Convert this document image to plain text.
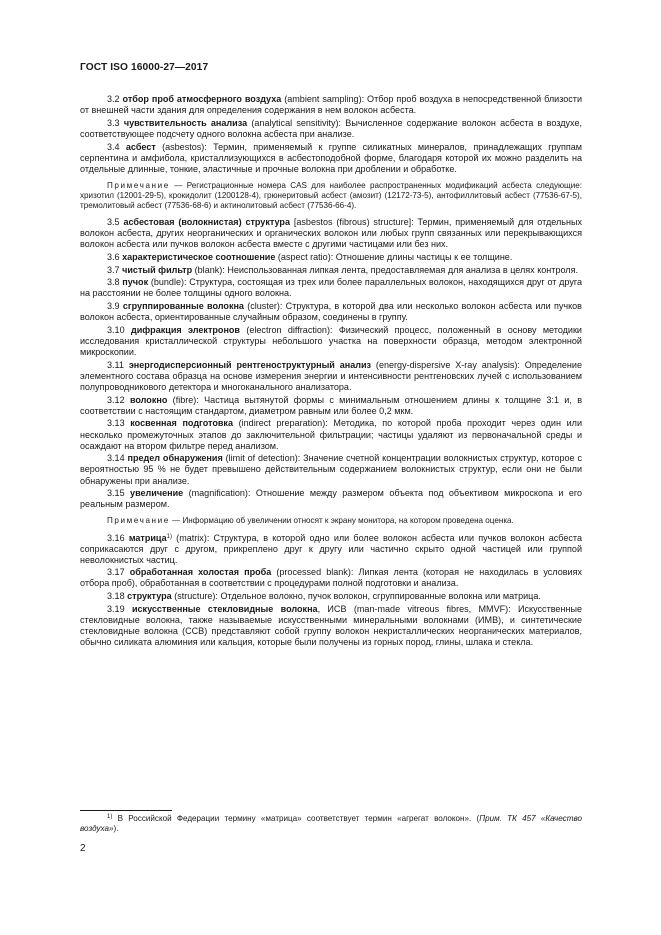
ГОСТ ISO 16000-27—2017

3.2 отбор проб атмосферного воздуха (ambient sampling): Отбор проб воздуха в непосредственной близости от внешней части здания для определения содержания в нем волокон асбеста.

3.3 чувствительность анализа (analytical sensitivity): Вычисленное содержание волокон асбеста в воздухе, соответствующее подсчету одного волокна асбеста при анализе.

3.4 асбест (asbestos): Термин, применяемый к группе силикатных минералов, принадлежащих группам серпентина и амфибола, кристаллизующихся в асбестоподобной форме, благодаря которой их можно разделить на отдельные длинные, тонкие, эластичные и прочные волокна при дроблении и обработке.

Примечание — Регистрационные номера CAS для наиболее распространенных модификаций асбеста следующие: хризотил (12001-29-5), крокидолит (1200128-4), грюнеритовый асбест (амозит) (12172-73-5), антофиллитовый асбест (77536-67-5), тремолитовый асбест (77536-68-6) и актинолитовый асбест (77536-66-4).

3.5 асбестовая (волокнистая) структура [asbestos (fibrous) structure]: Термин, применяемый для отдельных волокон асбеста, других неорганических и органических волокон или любых групп связанных или перекрывающихся волокон асбеста или пучков волокон асбеста вместе с другими частицами или без них.

3.6 характеристическое соотношение (aspect ratio): Отношение длины частицы к ее толщине.

3.7 чистый фильтр (blank): Неиспользованная липкая лента, предоставляемая для анализа в целях контроля.

3.8 пучок (bundle): Структура, состоящая из трех или более параллельных волокон, находящихся друг от друга на расстоянии не более толщины одного волокна.

3.9 сгруппированные волокна (cluster): Структура, в которой два или несколько волокон асбеста или пучков волокон асбеста, ориентированные случайным образом, соединены в группу.

3.10 дифракция электронов (electron diffraction): Физический процесс, положенный в основу методики исследования кристаллической структуры небольшого участка на поверхности образца, методом электронной микроскопии.

3.11 энергодисперсионный рентгеноструктурный анализ (energy-dispersive X-ray analysis): Определение элементного состава образца на основе измерения энергии и интенсивности рентгеновских лучей с использованием полупроводникового детектора и многоканального анализатора.

3.12 волокно (fibre): Частица вытянутой формы с минимальным отношением длины к толщине 3:1 и, в соответствии с настоящим стандартом, диаметром равным или более 0,2 мкм.

3.13 косвенная подготовка (indirect preparation): Методика, по которой проба проходит через один или несколько промежуточных этапов до заключительной фильтрации; частицы удаляют из первоначальной среды и осаждают на втором фильтре перед анализом.

3.14 предел обнаружения (limit of detection): Значение счетной концентрации волокнистых структур, которое с вероятностью 95 % не будет превышено действительным содержанием волокнистых структур, если они не были обнаружены при анализе.

3.15 увеличение (magnification): Отношение между размером объекта под объективом микроскопа и его реальным размером.

Примечание — Информацию об увеличении относят к экрану монитора, на котором проведена оценка.

3.16 матрица$^{1)}$ (matrix): Структура, в которой одно или более волокон асбеста или пучков волокон асбеста соприкасаются друг с другом, прикреплено друг к другу или частично скрыто одной частицей или группой неволокнистых частиц.

3.17 обработанная холостая проба (processed blank): Липкая лента (которая не находилась в условиях отбора проб), обработанная в соответствии с процедурами полной подготовки и анализа.

3.18 структура (structure): Отдельное волокно, пучок волокон, сгруппированные волокна или матрица.

3.19 искусственные стекловидные волокна, ИСВ (man-made vitreous fibres, MMVF): Искусственные стекловидные волокна, также называемые искусственными минеральными волокнами (ИМВ), и синтетические стекловидные волокна (ССВ) представляют собой группу волокон некристаллических неорганических материалов, обычно силиката алюминия или кальция, которые были получены из горных пород, глины, шлака и стекла.

$^{1)}$ В Российской Федерации термину «матрица» соответствует термин «агрегат волокон». (Прим. ТК 457 «Качество воздуха»).
2
